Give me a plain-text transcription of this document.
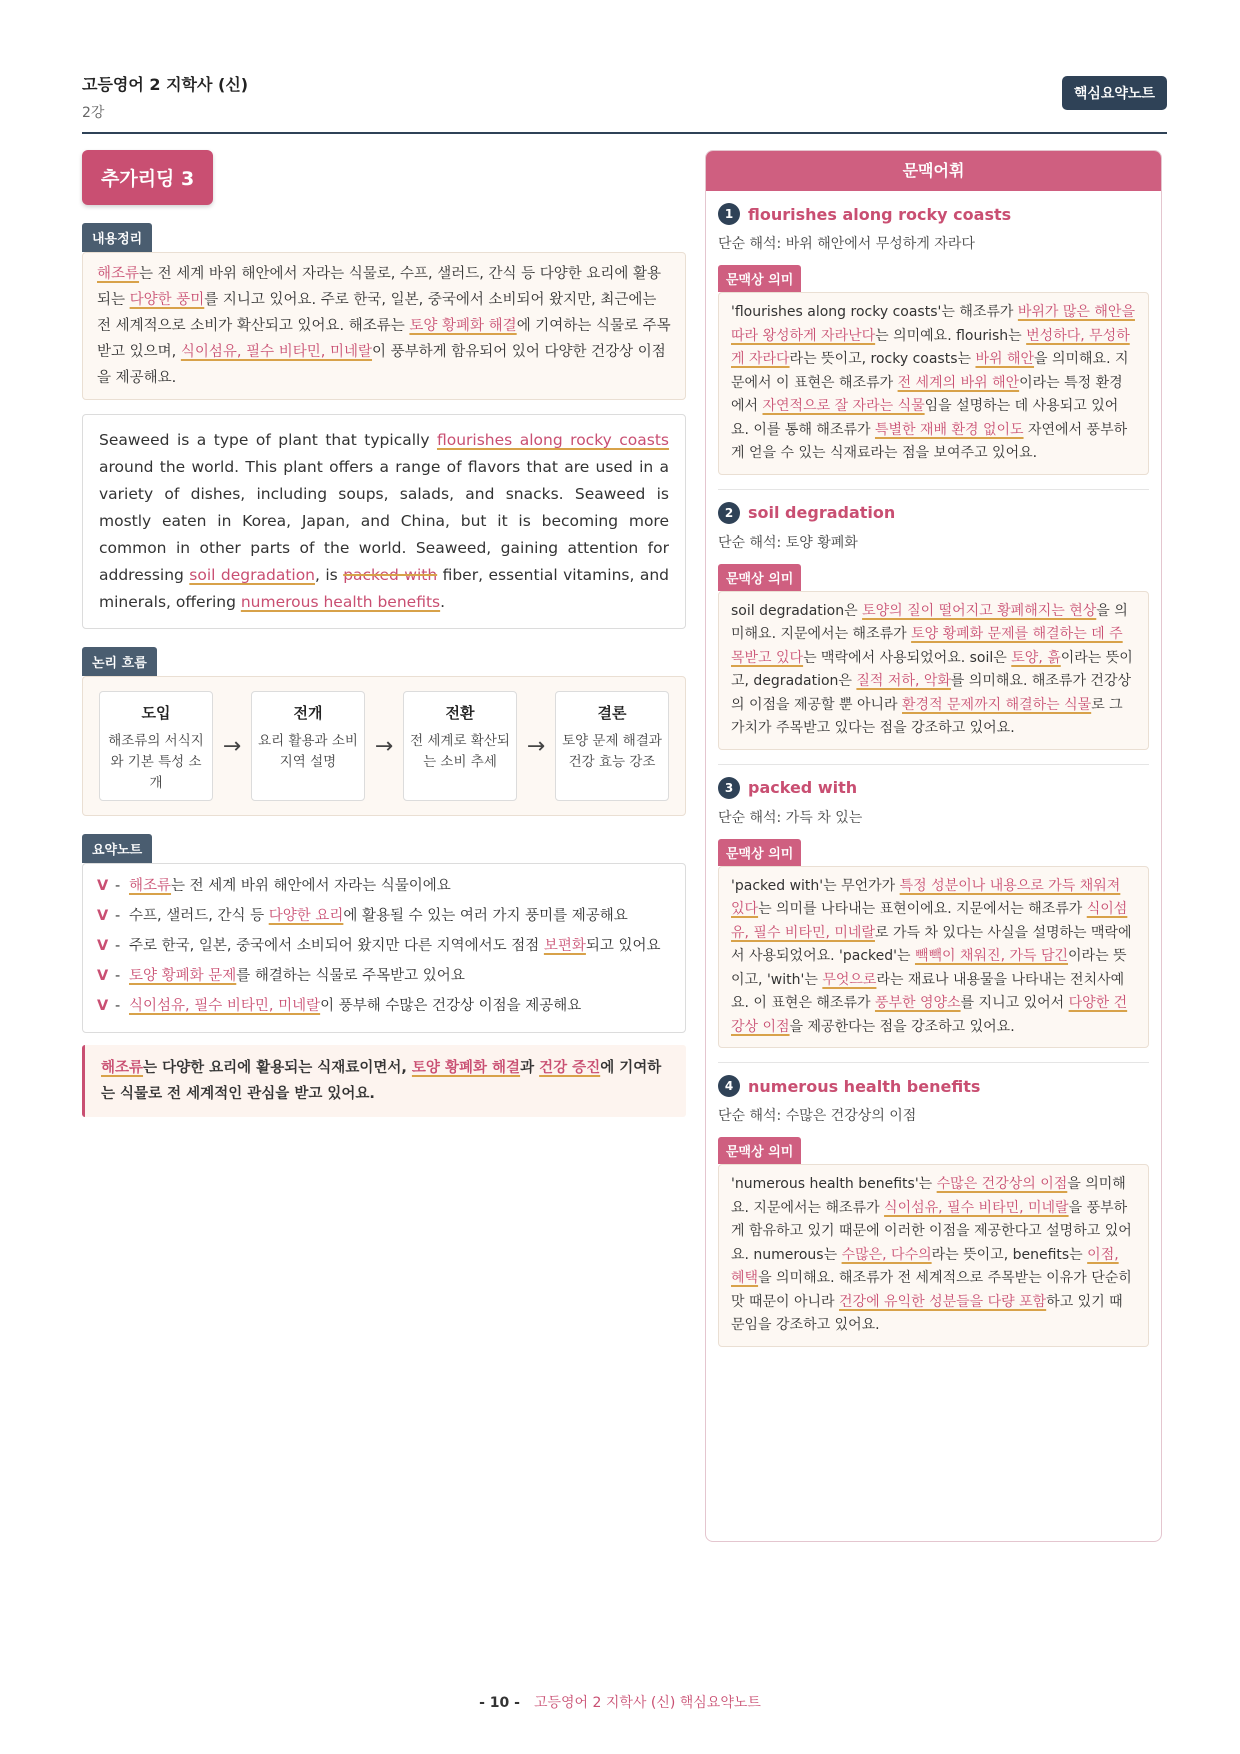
고등영어 2 지학사 (신)
2강
핵심요약노트
추가리딩 3
내용정리
해조류는 전 세계 바위 해안에서 자라는 식물로, 수프, 샐러드, 간식 등 다양한 요리에 활용되는 다양한 풍미를 지니고 있어요. 주로 한국, 일본, 중국에서 소비되어 왔지만, 최근에는 전 세계적으로 소비가 확산되고 있어요. 해조류는 토양 황폐화 해결에 기여하는 식물로 주목받고 있으며, 식이섬유, 필수 비타민, 미네랄이 풍부하게 함유되어 있어 다양한 건강상 이점을 제공해요.
Seaweed is a type of plant that typically flourishes along rocky coasts around the world. This plant offers a range of flavors that are used in a variety of dishes, including soups, salads, and snacks. Seaweed is mostly eaten in Korea, Japan, and China, but it is becoming more common in other parts of the world. Seaweed, gaining attention for addressing soil degradation, is packed with fiber, essential vitamins, and minerals, offering numerous health benefits.
논리 흐름
도입
해조류의 서식지와 기본 특성 소개
→
전개
요리 활용과 소비 지역 설명
→
전환
전 세계로 확산되는 소비 추세
→
결론
토양 문제 해결과 건강 효능 강조
요약노트
V - 해조류는 전 세계 바위 해안에서 자라는 식물이에요
V - 수프, 샐러드, 간식 등 다양한 요리에 활용될 수 있는 여러 가지 풍미를 제공해요
V - 주로 한국, 일본, 중국에서 소비되어 왔지만 다른 지역에서도 점점 보편화되고 있어요
V - 토양 황폐화 문제를 해결하는 식물로 주목받고 있어요
V - 식이섬유, 필수 비타민, 미네랄이 풍부해 수많은 건강상 이점을 제공해요
해조류는 다양한 요리에 활용되는 식재료이면서, 토양 황폐화 해결과 건강 증진에 기여하는 식물로 전 세계적인 관심을 받고 있어요.
문맥어휘
1 flourishes along rocky coasts
단순 해석: 바위 해안에서 무성하게 자라다
문맥상 의미
'flourishes along rocky coasts'는 해조류가 바위가 많은 해안을 따라 왕성하게 자라난다는 의미예요. flourish는 번성하다, 무성하게 자라다라는 뜻이고, rocky coasts는 바위 해안을 의미해요. 지문에서 이 표현은 해조류가 전 세계의 바위 해안이라는 특정 환경에서 자연적으로 잘 자라는 식물임을 설명하는 데 사용되고 있어요. 이를 통해 해조류가 특별한 재배 환경 없이도 자연에서 풍부하게 얻을 수 있는 식재료라는 점을 보여주고 있어요.
2 soil degradation
단순 해석: 토양 황폐화
문맥상 의미
soil degradation은 토양의 질이 떨어지고 황폐해지는 현상을 의미해요. 지문에서는 해조류가 토양 황폐화 문제를 해결하는 데 주목받고 있다는 맥락에서 사용되었어요. soil은 토양, 흙이라는 뜻이고, degradation은 질적 저하, 악화를 의미해요. 해조류가 건강상의 이점을 제공할 뿐 아니라 환경적 문제까지 해결하는 식물로 그 가치가 주목받고 있다는 점을 강조하고 있어요.
3 packed with
단순 해석: 가득 차 있는
문맥상 의미
'packed with'는 무언가가 특정 성분이나 내용으로 가득 채워져 있다는 의미를 나타내는 표현이에요. 지문에서는 해조류가 식이섬유, 필수 비타민, 미네랄로 가득 차 있다는 사실을 설명하는 맥락에서 사용되었어요. 'packed'는 빽빽이 채워진, 가득 담긴이라는 뜻이고, 'with'는 무엇으로라는 재료나 내용물을 나타내는 전치사예요. 이 표현은 해조류가 풍부한 영양소를 지니고 있어서 다양한 건강상 이점을 제공한다는 점을 강조하고 있어요.
4 numerous health benefits
단순 해석: 수많은 건강상의 이점
문맥상 의미
'numerous health benefits'는 수많은 건강상의 이점을 의미해요. 지문에서는 해조류가 식이섬유, 필수 비타민, 미네랄을 풍부하게 함유하고 있기 때문에 이러한 이점을 제공한다고 설명하고 있어요. numerous는 수많은, 다수의라는 뜻이고, benefits는 이점, 혜택을 의미해요. 해조류가 전 세계적으로 주목받는 이유가 단순히 맛 때문이 아니라 건강에 유익한 성분들을 다량 포함하고 있기 때문임을 강조하고 있어요.
- 10 - 고등영어 2 지학사 (신) 핵심요약노트
